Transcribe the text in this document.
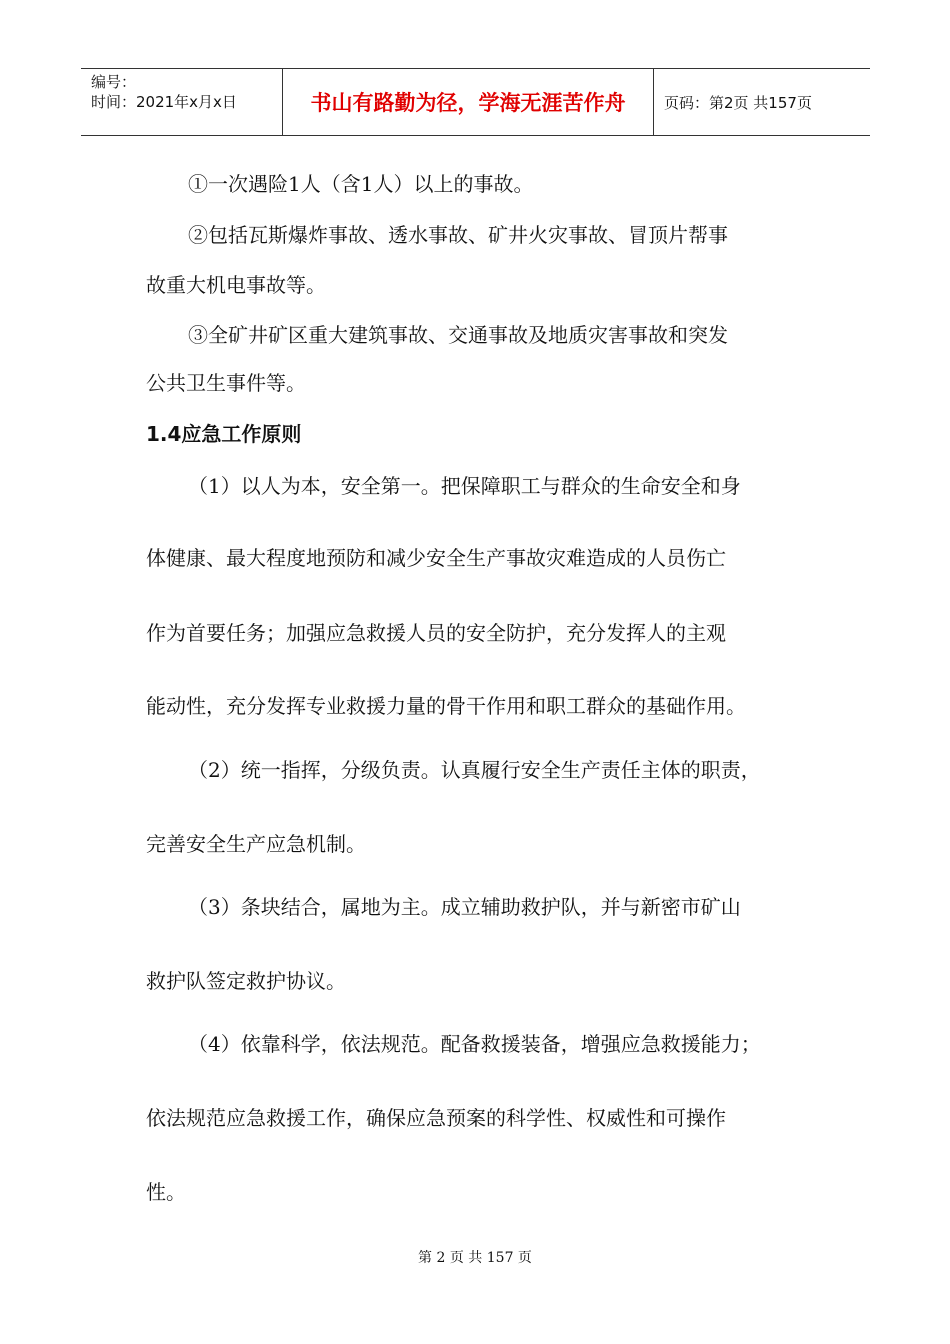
编号：
时间：2021年x月x日	书山有路勤为径，学海无涯苦作舟	页码：第2页 共157页
①一次遇险1人（含1人）以上的事故。
②包括瓦斯爆炸事故、透水事故、矿井火灾事故、冒顶片帮事
故重大机电事故等。
③全矿井矿区重大建筑事故、交通事故及地质灾害事故和突发
公共卫生事件等。
1.4应急工作原则
（1）以人为本，安全第一。把保障职工与群众的生命安全和身
体健康、最大程度地预防和减少安全生产事故灾难造成的人员伤亡
作为首要任务；加强应急救援人员的安全防护，充分发挥人的主观
能动性，充分发挥专业救援力量的骨干作用和职工群众的基础作用。
（2）统一指挥，分级负责。认真履行安全生产责任主体的职责，
完善安全生产应急机制。
（3）条块结合，属地为主。成立辅助救护队，并与新密市矿山
救护队签定救护协议。
（4）依靠科学，依法规范。配备救援装备，增强应急救援能力；
依法规范应急救援工作，确保应急预案的科学性、权威性和可操作
性。
第 2 页 共 157 页
